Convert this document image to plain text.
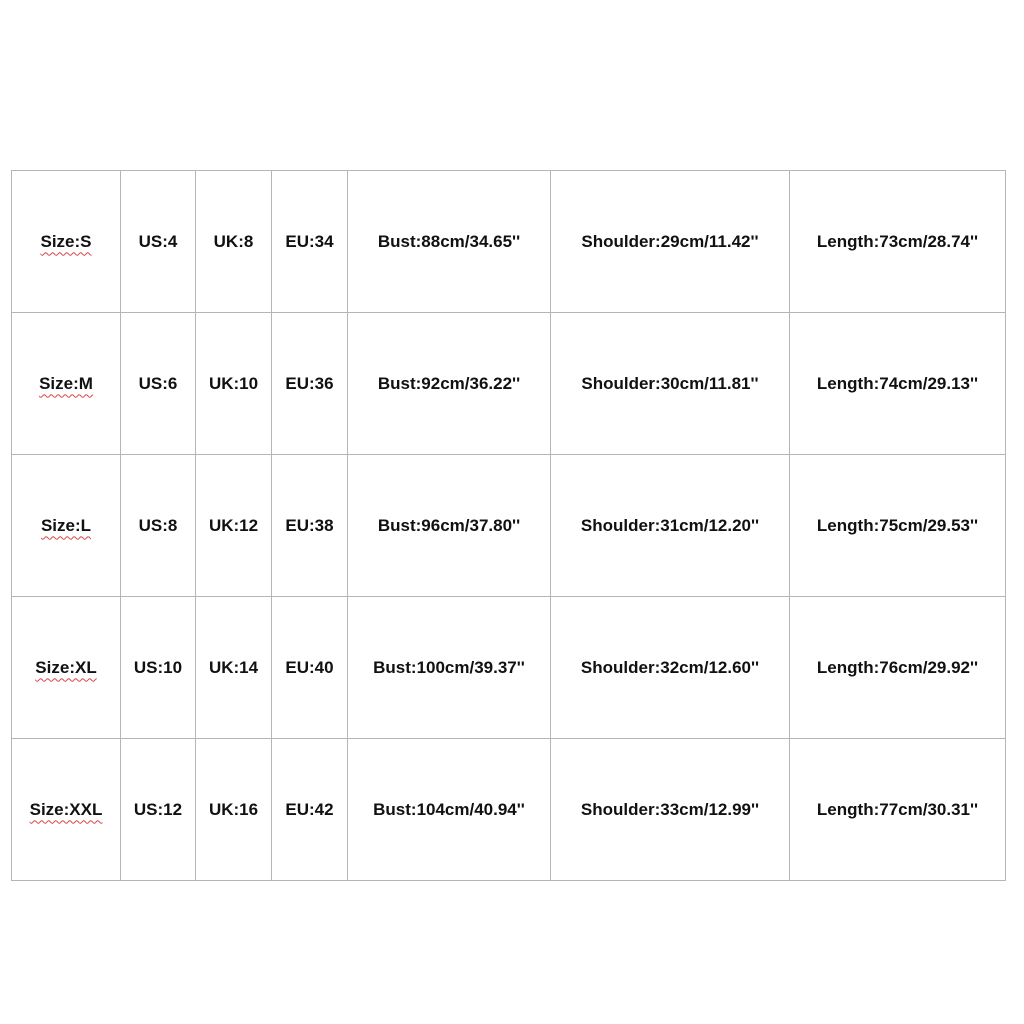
Size:S	US:4	UK:8	EU:34	Bust:88cm/34.65''	Shoulder:29cm/11.42''	Length:73cm/28.74''
Size:M	US:6	UK:10	EU:36	Bust:92cm/36.22''	Shoulder:30cm/11.81''	Length:74cm/29.13''
Size:L	US:8	UK:12	EU:38	Bust:96cm/37.80''	Shoulder:31cm/12.20''	Length:75cm/29.53''
Size:XL	US:10	UK:14	EU:40	Bust:100cm/39.37''	Shoulder:32cm/12.60''	Length:76cm/29.92''
Size:XXL	US:12	UK:16	EU:42	Bust:104cm/40.94''	Shoulder:33cm/12.99''	Length:77cm/30.31''
